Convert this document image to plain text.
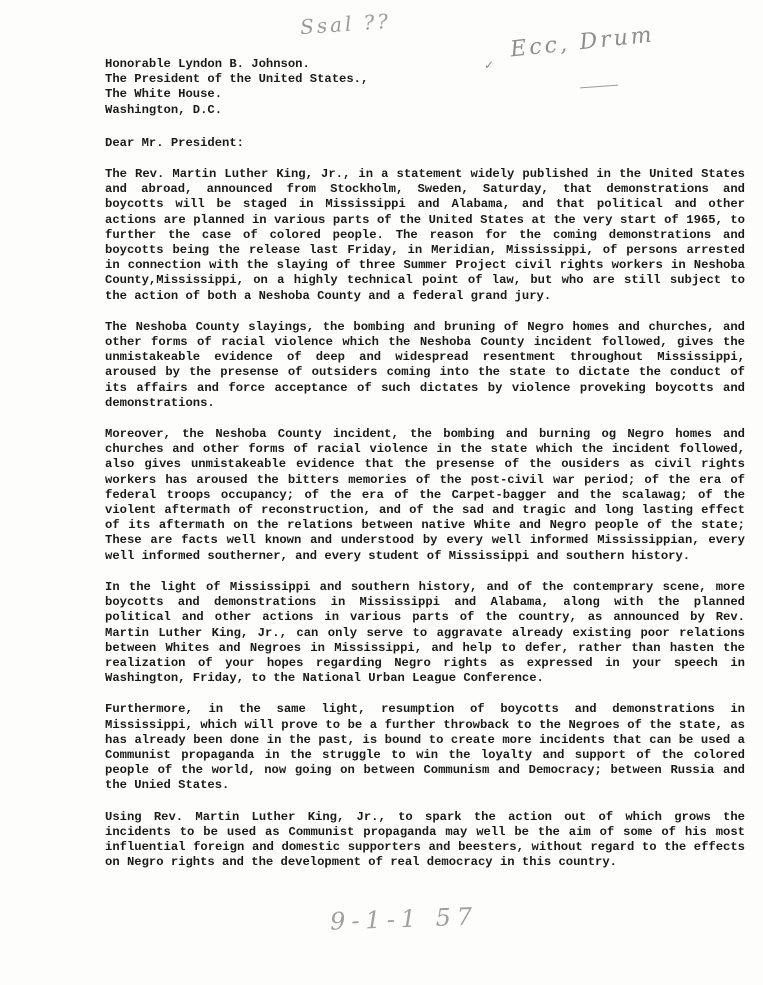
Ssal ??	Ecc, Drum
✓
Honorable Lyndon B. Johnson.
The President of the United States.,
The White House.
Washington, D.C.
Dear Mr. President:

The Rev. Martin Luther King, Jr., in a statement widely published in the United States and abroad, announced from Stockholm, Sweden, Saturday, that demonstrations and boycotts will be staged in Mississippi and Alabama, and that political and other actions are planned in various parts of the United States at the very start of 1965, to further the case of colored people. The reason for the coming demonstrations and boycotts being the release last Friday, in Meridian, Mississippi, of persons arrested in connection with the slaying of three Summer Project civil rights workers in Neshoba County,Mississippi, on a highly technical point of law, but who are still subject to the action of both a Neshoba County and a federal grand jury.

The Neshoba County slayings, the bombing and bruning of Negro homes and churches, and other forms of racial violence which the Neshoba County incident followed, gives the unmistakeable evidence of deep and widespread resentment throughout Mississippi, aroused by the presense of outsiders coming into the state to dictate the conduct of its affairs and force acceptance of such dictates by violence proveking boycotts and demonstrations.

Moreover, the Neshoba County incident, the bombing and burning og Negro homes and churches and other forms of racial violence in the state which the incident followed, also gives unmistakeable evidence that the presense of the ousiders as civil rights workers has aroused the bitters memories of the post-civil war period; of the era of federal troops occupancy; of the era of the Carpet-bagger and the scalawag; of the violent aftermath of reconstruction, and of the sad and tragic and long lasting effect of its aftermath on the relations between native White and Negro people of the state; These are facts well known and understood by every well informed Mississippian, every well informed southerner, and every student of Mississippi and southern history.

In the light of Mississippi and southern history, and of the contemprary scene, more boycotts and demonstrations in Mississippi and Alabama, along with the planned political and other actions in various parts of the country, as announced by Rev. Martin Luther King, Jr., can only serve to aggravate already existing poor relations between Whites and Negroes in Mississippi, and help to defer, rather than hasten the realization of your hopes regarding Negro rights as expressed in your speech in Washington, Friday, to the National Urban League Conference.

Furthermore, in the same light, resumption of boycotts and demonstrations in Mississippi, which will prove to be a further throwback to the Negroes of the state, as has already been done in the past, is bound to create more incidents that can be used a Communist propaganda in the struggle to win the loyalty and support of the colored people of the world, now going on between Communism and Democracy; between Russia and the Unied States.

Using Rev. Martin Luther King, Jr., to spark the action out of which grows the incidents to be used as Communist propaganda may well be the aim of some of his most influential foreign and domestic supporters and beesters, without regard to the effects on Negro rights and the development of real democracy in this country.

9-1-1 57
